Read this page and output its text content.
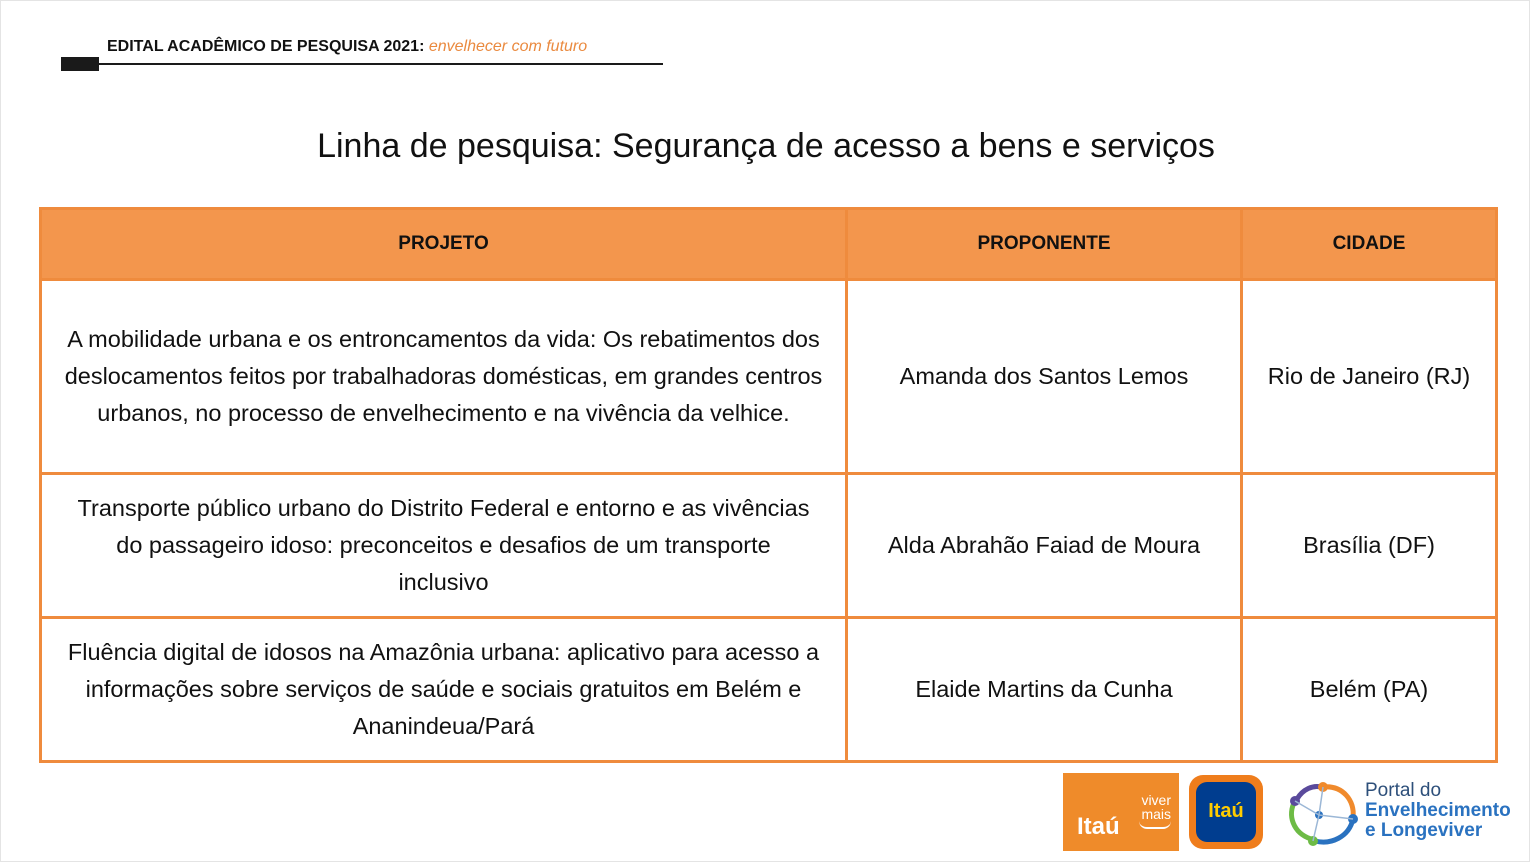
EDITAL ACADÊMICO DE PESQUISA 2021: envelhecer com futuro
Linha de pesquisa: Segurança de acesso a bens e serviços
PROJETO	PROPONENTE	CIDADE
A mobilidade urbana e os entroncamentos da vida: Os rebatimentos dos deslocamentos feitos por trabalhadoras domésticas, em grandes centros urbanos, no processo de envelhecimento e na vivência da velhice.	Amanda dos Santos Lemos	Rio de Janeiro (RJ)
Transporte público urbano do Distrito Federal e entorno e as vivências do passageiro idoso: preconceitos e desafios de um transporte inclusivo	Alda Abrahão Faiad de Moura	Brasília (DF)
Fluência digital de idosos na Amazônia urbana: aplicativo para acesso a informações sobre serviços de saúde e sociais gratuitos em Belém e Ananindeua/Pará	Elaide Martins da Cunha	Belém (PA)
viver
mais
Itaú
Itaú
Portal do
Envelhecimento
e Longeviver
